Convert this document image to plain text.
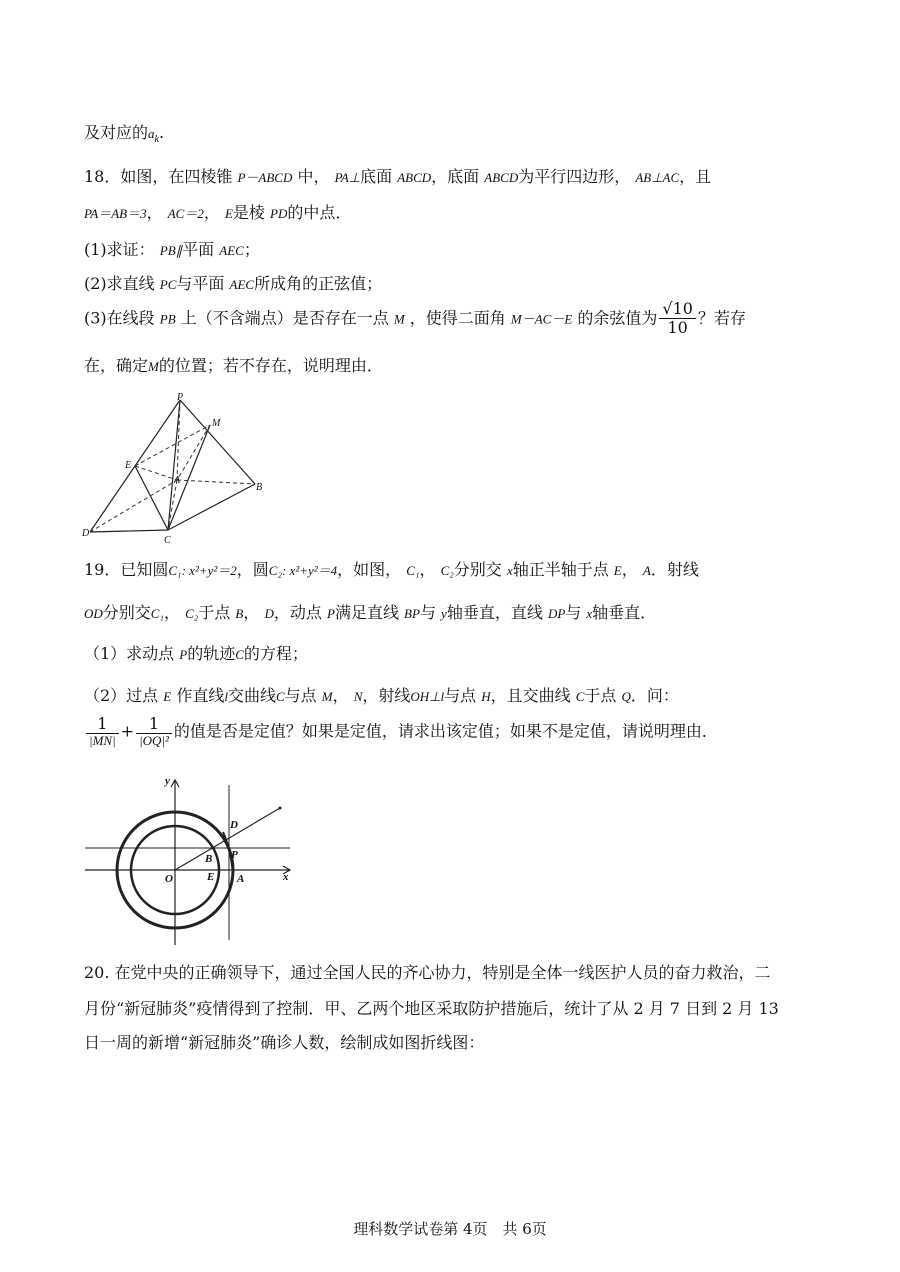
及对应的$a_k$.
18．如图，在四棱锥 P－ABCD 中， PA⊥底面 ABCD，底面 ABCD为平行四边形， AB⊥AC，且
PA＝AB＝3， AC＝2， E是棱 PD的中点．
(1)求证： PB∥平面 AEC；
(2)求直线 PC与平面 AEC所成角的正弦值；
(3)在线段 PB 上（不含端点）是否存在一点 M ，使得二面角 M－AC－E 的余弦值为 $\frac{√10}{10}$ ？若存
在，确定M的位置；若不存在，说明理由．
P
M
E
A
B
D
C
19．已知圆C₁: x²+y²＝2，圆C₂: x²+y²＝4，如图， C₁， C₂分别交 x轴正半轴于点 E， A．射线
OD分别交C₁， C₂于点 B， D，动点 P满足直线 BP与 y轴垂直，直线 DP与 x轴垂直．
（1）求动点 P的轨迹C的方程；
（2）过点 E 作直线l交曲线C与点 M， N，射线OH⊥l与点 H，且交曲线 C于点 Q．问：
$\frac{1}{|MN|} + \frac{1}{\text{|OQ|²}}$ 的值是否是定值？如果是定值，请求出该定值；如果不是定值，请说明理由．
y
x
O
D
B P
E A
20. 在党中央的正确领导下，通过全国人民的齐心协力，特别是全体一线医护人员的奋力救治，二
月份“新冠肺炎”疫情得到了控制．甲、乙两个地区采取防护措施后，统计了从 2 月 7 日到 2 月 13
日一周的新增“新冠肺炎”确诊人数，绘制成如图折线图：
理科数学试卷第 4页　共 6页
